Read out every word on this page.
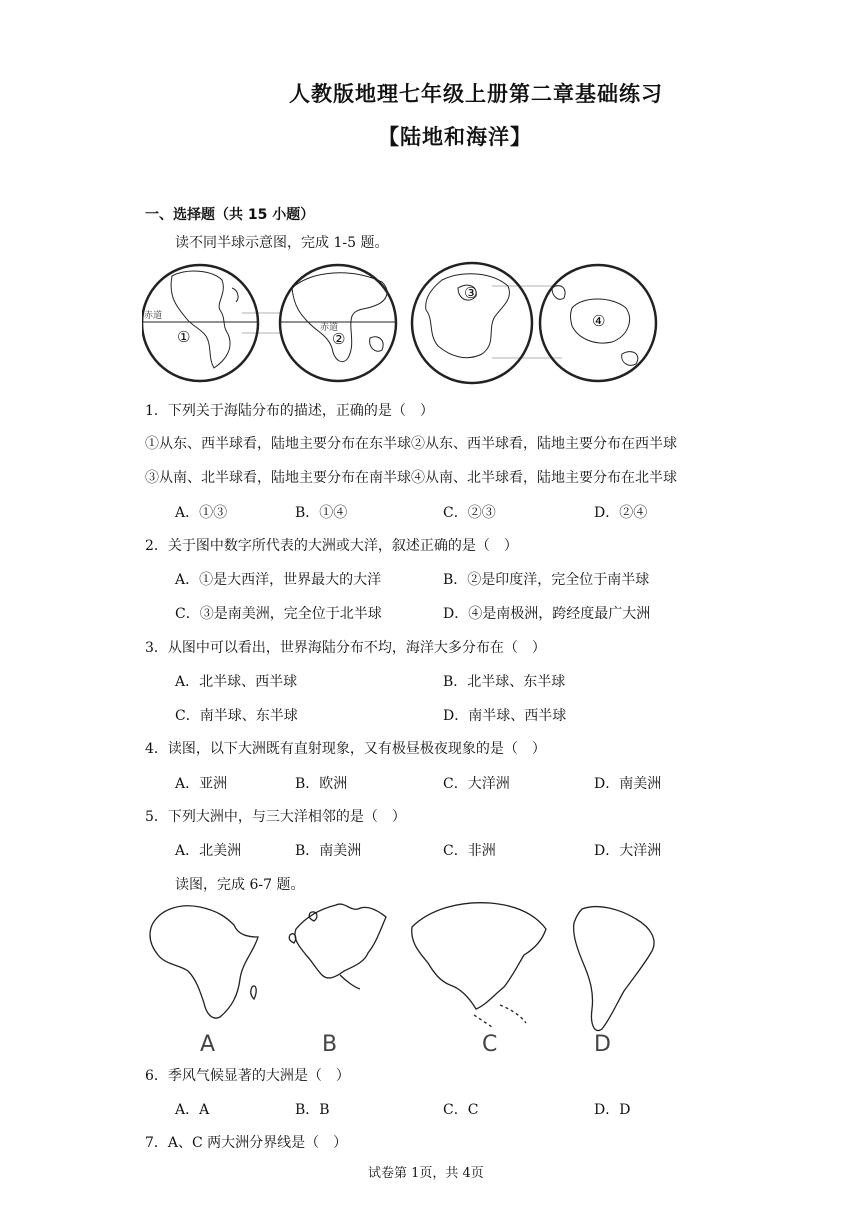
人教版地理七年级上册第二章基础练习
【陆地和海洋】
一、选择题（共 15 小题）
读不同半球示意图，完成 1-5 题。
赤道
赤道
①	②
③
④
1．下列关于海陆分布的描述，正确的是（　）
①从东、西半球看，陆地主要分布在东半球②从东、西半球看，陆地主要分布在西半球
③从南、北半球看，陆地主要分布在南半球④从南、北半球看，陆地主要分布在北半球
A．①③	B．①④	C．②③	D．②④
2．关于图中数字所代表的大洲或大洋，叙述正确的是（　）
A．①是大西洋，世界最大的大洋	B．②是印度洋，完全位于南半球
C．③是南美洲，完全位于北半球	D．④是南极洲，跨经度最广大洲
3．从图中可以看出，世界海陆分布不均，海洋大多分布在（　）
A．北半球、西半球	B．北半球、东半球
C．南半球、东半球	D．南半球、西半球
4．读图，以下大洲既有直射现象，又有极昼极夜现象的是（　）
A．亚洲	B．欧洲	C．大洋洲	D．南美洲
5．下列大洲中，与三大洋相邻的是（　）
A．北美洲	B．南美洲	C．非洲	D．大洋洲
读图，完成 6-7 题。
A	B	C	D
6．季风气候显著的大洲是（　）
A．A	B．B	C．C	D．D
7．A、C 两大洲分界线是（　）
试卷第 1页，共 4页
